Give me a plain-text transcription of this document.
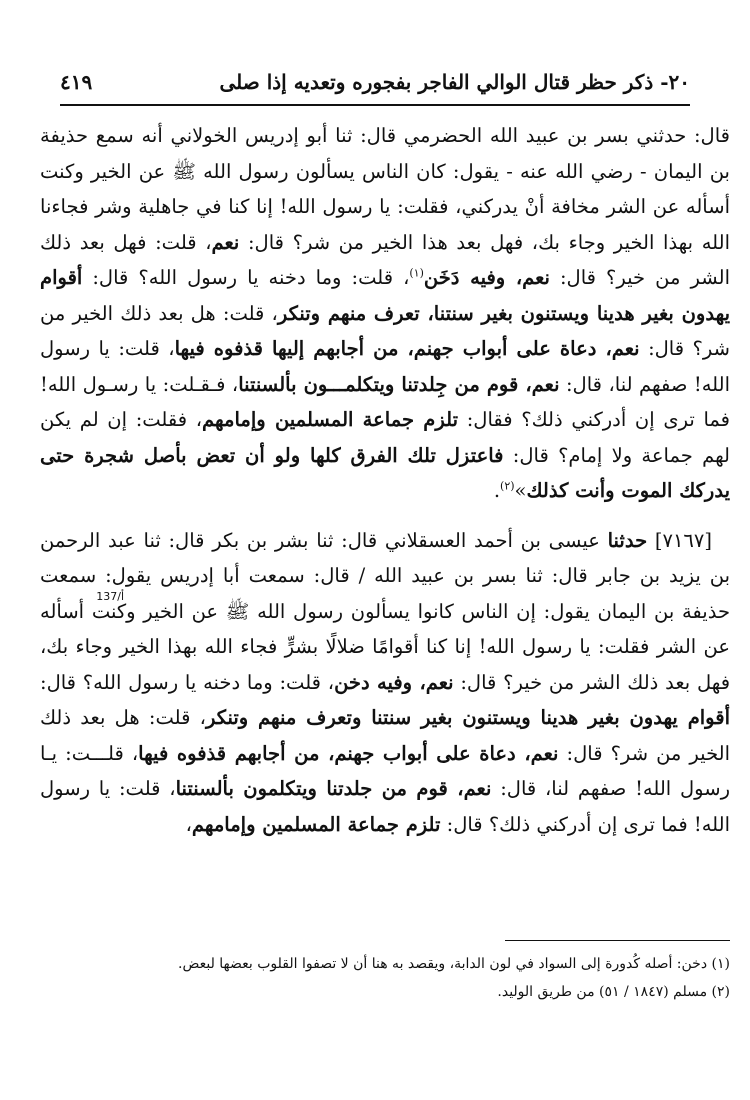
٢٠- ذكر حظر قتال الوالي الفاجر بفجوره وتعديه إذا صلى
٤١٩

قال: حدثني بسر بن عبيد الله الحضرمي قال: ثنا أبو إدريس الخولاني أنه سمع حذيفة بن اليمان - رضي الله عنه - يقول: كان الناس يسألون رسول الله ﷺ عن الخير وكنت أسأله عن الشر مخافة أنْ يدركني، فقلت: يا رسول الله! إنا كنا في جاهلية وشر فجاءنا الله بهذا الخير وجاء بك، فهل بعد هذا الخير من شر؟ قال: نعم، قلت: فهل بعد ذلك الشر من خير؟ قال: نعم، وفيه دَخَن$^{(١)}$، قلت: وما دخنه يا رسول الله؟ قال: أقوام يهدون بغير هدينا ويستنون بغير سنتنا، تعرف منهم وتنكر، قلت: هل بعد ذلك الخير من شر؟ قال: نعم، دعاة على أبواب جهنم، من أجابهم إليها قذفوه فيها، قلت: يا رسول الله! صفهم لنا، قال: نعم، قوم من جِلدتنا ويتكلمـــون بألسنتنا، فـقـلت: يا رسـول الله! فما ترى إن أدركني ذلك؟ فقال: تلزم جماعة المسلمين وإمامهم، فقلت: إن لم يكن لهم جماعة ولا إمام؟ قال: فاعتزل تلك الفرق كلها ولو أن تعض بأصل شجرة حتى يدركك الموت وأنت كذلك»$^{(٢)}$.

[٧١٦٧] حدثنا عيسى بن أحمد العسقلاني قال: ثنا بشر بن بكر قال: ثنا عبد الرحمن بن يزيد بن جابر قال: ثنا بسر بن عبيد الله / قال: سمعت أبا إدريس يقول: سمعت حذيفة بن اليمان يقول: إن الناس كانوا يسألون رسول الله ﷺ عن الخير وكنت أسأله عن الشر فقلت: يا رسول الله! إنا كنا أقوامًا ضلالًا بشرٍّ فجاء الله بهذا الخير وجاء بك، فهل بعد ذلك الشر من خير؟ قال: نعم، وفيه دخن، قلت: وما دخنه يا رسول الله؟ قال: أقوام يهدون بغير هدينا ويستنون بغير سنتنا وتعرف منهم وتنكر، قلت: هل بعد ذلك الخير من شر؟ قال: نعم، دعاة على أبواب جهنم، من أجابهم قذفوه فيها، قلـــت: يـا رسول الله! صفهم لنا، قال: نعم، قوم من جلدتنا ويتكلمون بألسنتنا، قلت: يا رسول الله! فما ترى إن أدركني ذلك؟ قال: تلزم جماعة المسلمين وإمامهم،

137/أ

(١) دخن: أصله كُدورة إلى السواد في لون الدابة، ويقصد به هنا أن لا تصفوا القلوب بعضها لبعض.

(٢) مسلم (١٨٤٧ / ٥١) من طريق الوليد.
